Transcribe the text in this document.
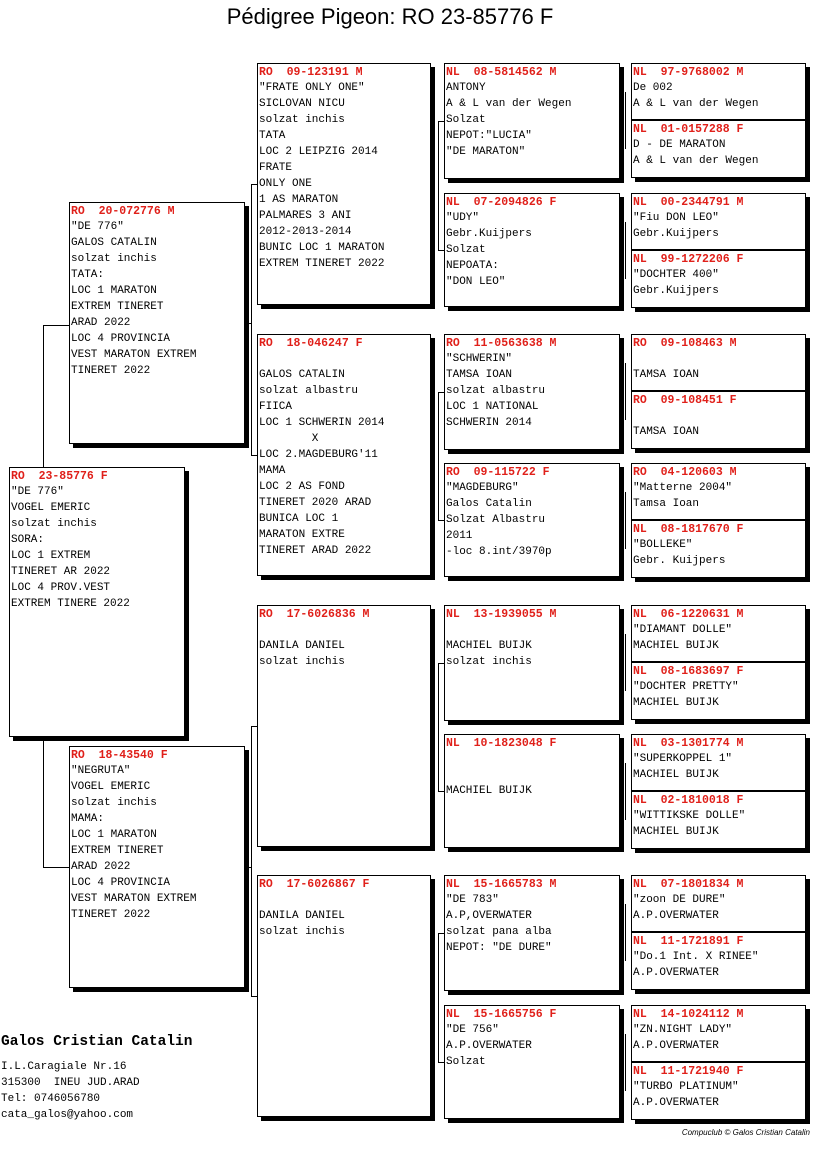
Pédigree Pigeon: RO 23-85776 F
RO  23-85776 F
"DE 776"
VOGEL EMERIC
solzat inchis
SORA:
LOC 1 EXTREM
TINERET AR 2022
LOC 4 PROV.VEST
EXTREM TINERE 2022
RO  20-072776 M
"DE 776"
GALOS CATALIN
solzat inchis
TATA:
LOC 1 MARATON
EXTREM TINERET
ARAD 2022
LOC 4 PROVINCIA
VEST MARATON EXTREM
TINERET 2022
RO  18-43540 F
"NEGRUTA"
VOGEL EMERIC
solzat inchis
MAMA:
LOC 1 MARATON
EXTREM TINERET
ARAD 2022
LOC 4 PROVINCIA
VEST MARATON EXTREM
TINERET 2022
RO  09-123191 M
"FRATE ONLY ONE"
SICLOVAN NICU
solzat inchis
TATA
LOC 2 LEIPZIG 2014
FRATE
ONLY ONE
1 AS MARATON
PALMARES 3 ANI
2012-2013-2014
BUNIC LOC 1 MARATON
EXTREM TINERET 2022
RO  18-046247 F

GALOS CATALIN
solzat albastru
FIICA
LOC 1 SCHWERIN 2014
X
LOC 2.MAGDEBURG'11
MAMA
LOC 2 AS FOND
TINERET 2020 ARAD
BUNICA LOC 1
MARATON EXTRE
TINERET ARAD 2022
RO  17-6026836 M

DANILA DANIEL
solzat inchis
RO  17-6026867 F

DANILA DANIEL
solzat inchis
NL  08-5814562 M
ANTONY
A & L van der Wegen
Solzat
NEPOT:"LUCIA"
"DE MARATON"
NL  07-2094826 F
"UDY"
Gebr.Kuijpers
Solzat
NEPOATA:
"DON LEO"
RO  11-0563638 M
"SCHWERIN"
TAMSA IOAN
solzat albastru
LOC 1 NATIONAL
SCHWERIN 2014
RO  09-115722 F
"MAGDEBURG"
Galos Catalin
Solzat Albastru
2011
-loc 8.int/3970p
NL  13-1939055 M

MACHIEL BUIJK
solzat inchis
NL  10-1823048 F

MACHIEL BUIJK
NL  15-1665783 M
"DE 783"
A.P,OVERWATER
solzat pana alba
NEPOT: "DE DURE"
NL  15-1665756 F
"DE 756"
A.P.OVERWATER
Solzat
NL  97-9768002 M
De 002
A & L van der Wegen
NL  01-0157288 F
D - DE MARATON
A & L van der Wegen
NL  00-2344791 M
"Fiu DON LEO"
Gebr.Kuijpers
NL  99-1272206 F
"DOCHTER 400"
Gebr.Kuijpers
RO  09-108463 M

TAMSA IOAN
RO  09-108451 F

TAMSA IOAN
RO  04-120603 M
"Matterne 2004"
Tamsa Ioan
NL  08-1817670 F
"BOLLEKE"
Gebr. Kuijpers
NL  06-1220631 M
"DIAMANT DOLLE"
MACHIEL BUIJK
NL  08-1683697 F
"DOCHTER PRETTY"
MACHIEL BUIJK
NL  03-1301774 M
"SUPERKOPPEL 1"
MACHIEL BUIJK
NL  02-1810018 F
"WITTIKSKE DOLLE"
MACHIEL BUIJK
NL  07-1801834 M
"zoon DE DURE"
A.P.OVERWATER
NL  11-1721891 F
"Do.1 Int. X RINEE"
A.P.OVERWATER
NL  14-1024112 M
"ZN.NIGHT LADY"
A.P.OVERWATER
NL  11-1721940 F
"TURBO PLATINUM"
A.P.OVERWATER
Galos Cristian Catalin
I.L.Caragiale Nr.16
315300  INEU JUD.ARAD
Tel: 0746056780
cata_galos@yahoo.com
Compuclub © Galos Cristian Catalin
